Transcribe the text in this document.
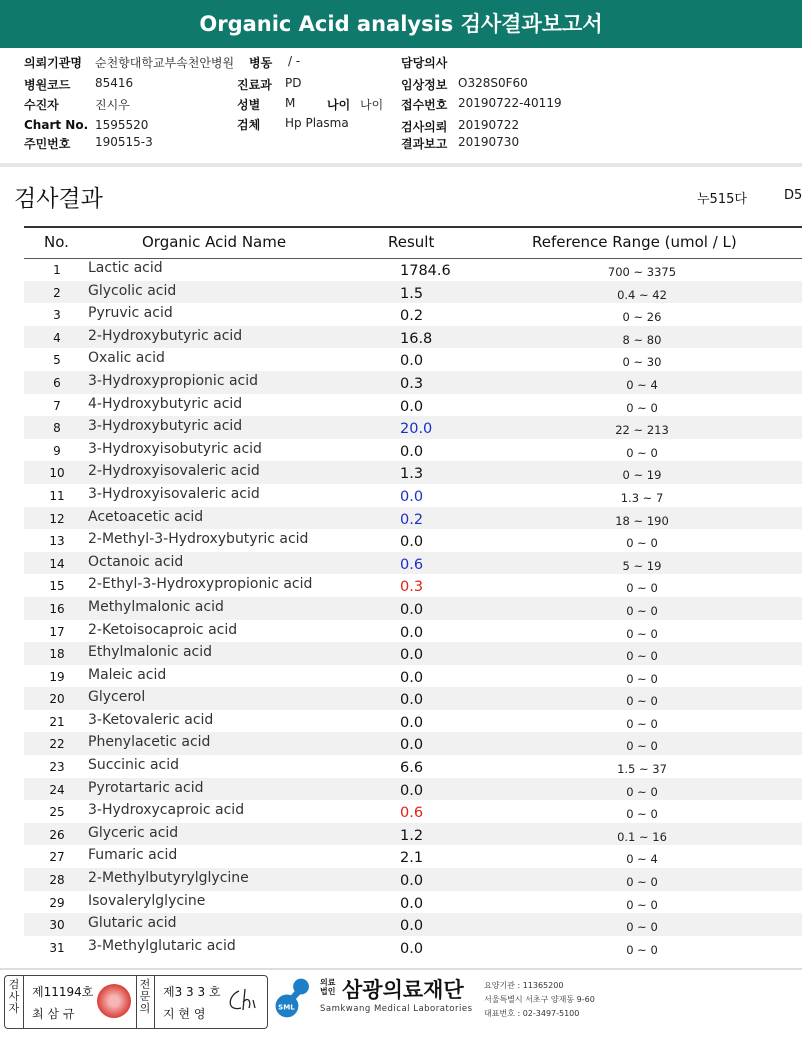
Organic Acid analysis 검사결과보고서
의뢰기관명 순천향대학교부속천안병원 병동 / -	담당의사
병원코드 85416	진료과 PD	임상정보 O328S0F60
수진자	진시우	성별 M	나이 나이 접수번호 20190722-40119
Chart No. 1595520	검체 Hp Plasma	검사의뢰 20190722
주민번호 190515-3	결과보고 20190730
검사결과	누515다	D5
No.	Organic Acid Name	Result	Reference Range (umol / L)
1	Lactic acid	1784.6	700 ~ 3375
2	Glycolic acid	1.5	0.4 ~ 42
3	Pyruvic acid	0.2	0 ~ 26
4	2-Hydroxybutyric acid	16.8	8 ~ 80
5	Oxalic acid	0.0	0 ~ 30
6	3-Hydroxypropionic acid	0.3	0 ~ 4
7	4-Hydroxybutyric acid	0.0	0 ~ 0
8	3-Hydroxybutyric acid	20.0	22 ~ 213
9	3-Hydroxyisobutyric acid	0.0	0 ~ 0
10	2-Hydroxyisovaleric acid	1.3	0 ~ 19
11	3-Hydroxyisovaleric acid	0.0	1.3 ~ 7
12	Acetoacetic acid	0.2	18 ~ 190
13	2-Methyl-3-Hydroxybutyric acid	0.0	0 ~ 0
14	Octanoic acid	0.6	5 ~ 19
15	2-Ethyl-3-Hydroxypropionic acid	0.3	0 ~ 0
16	Methylmalonic acid	0.0	0 ~ 0
17	2-Ketoisocaproic acid	0.0	0 ~ 0
18	Ethylmalonic acid	0.0	0 ~ 0
19	Maleic acid	0.0	0 ~ 0
20	Glycerol	0.0	0 ~ 0
21	3-Ketovaleric acid	0.0	0 ~ 0
22	Phenylacetic acid	0.0	0 ~ 0
23	Succinic acid	6.6	1.5 ~ 37
24	Pyrotartaric acid	0.0	0 ~ 0
25	3-Hydroxycaproic acid	0.6	0 ~ 0
26	Glyceric acid	1.2	0.1 ~ 16
27	Fumaric acid	2.1	0 ~ 4
28	2-Methylbutyrylglycine	0.0	0 ~ 0
29	Isovalerylglycine	0.0	0 ~ 0
30	Glutaric acid	0.0	0 ~ 0
31	3-Methylglutaric acid	0.0	0 ~ 0
검사자
제11194호
최 삼 규
전문의
제3 3 3 호
지 현 영
SML
의료법인 삼광의료재단
Samkwang Medical Laboratories
요양기관 : 11365200
서울특별시 서초구 양재동 9-60
대표번호 : 02-3497-5100
